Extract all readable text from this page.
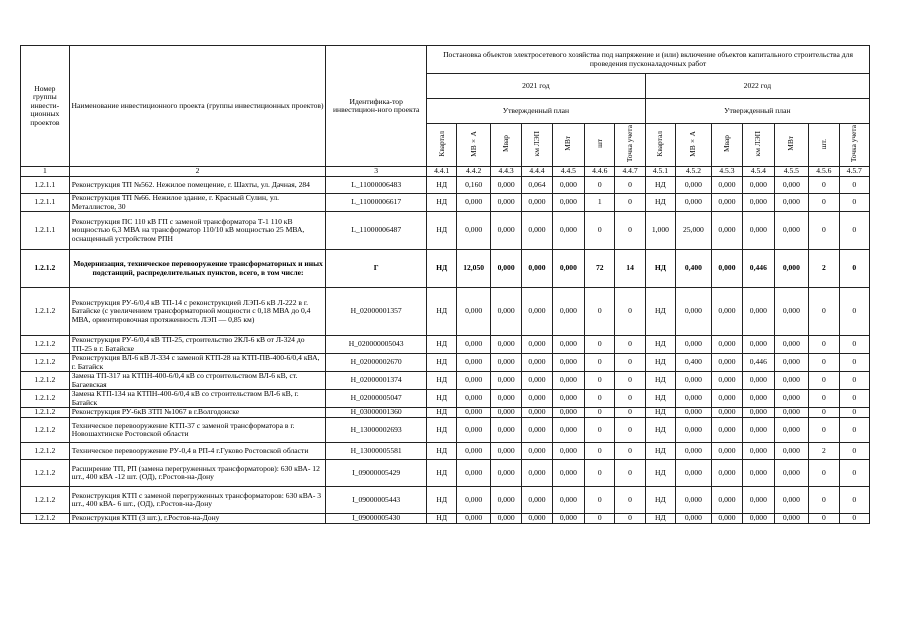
Номер группы инвести-ционных проектов	Наименование инвестиционного проекта (группы инвестиционных проектов)	Идентифика-тор инвестицион-ного проекта	Постановка объектов электросетевого хозяйства под напряжение и (или) включение объектов капитального строительства для проведения пусконаладочных работ													
			2021 год							2022 год						
			Утвержденный план							Утвержденный план						
			Квартал	МВ×А	Мвар	км ЛЭП	МВт	шт	Точка учета	Квартал	МВ×А	Мвар	км ЛЭП	МВт	шт.	Точка учета
1	2	3	4.4.1	4.4.2	4.4.3	4.4.4	4.4.5	4.4.6	4.4.7	4.5.1	4.5.2	4.5.3	4.5.4	4.5.5	4.5.6	4.5.7
1.2.1.1	Реконструкция ТП №562. Нежилое помещение, г. Шахты, ул. Дачная, 284	L_11000006483	НД	0,160	0,000	0,064	0,000	0	0	НД	0,000	0,000	0,000	0,000	0	0
1.2.1.1	Реконструкция ТП №66. Нежилое здание, г. Красный Сулин, ул. Металлистов, 30	L_11000006617	НД	0,000	0,000	0,000	0,000	1	0	НД	0,000	0,000	0,000	0,000	0	0
1.2.1.1	Реконструкция ПС 110 кВ ГП с заменой трансформатора Т-1 110 кВ мощностью 6,3 МВА на трансформатор 110/10 кВ мощностью 25 МВА, оснащенный устройством РПН	L_11000006487	НД	0,000	0,000	0,000	0,000	0	0	1,000	25,000	0,000	0,000	0,000	0	0
1.2.1.2	Модернизация, техническое перевооружение трансформаторных и иных подстанций, распределительных пунктов, всего, в том числе:	Г	НД	12,050	0,000	0,000	0,000	72	14	НД	0,400	0,000	0,446	0,000	2	0
1.2.1.2	Реконструкция РУ-6/0,4 кВ ТП-14 с реконструкцией ЛЭП-6 кВ Л-222 в г. Батайске (с увеличением трансформаторной мощности с 0,18 МВА до 0,4 МВА, ориентировочная протяженность ЛЭП — 0,85 км)	H_02000001357	НД	0,000	0,000	0,000	0,000	0	0	НД	0,000	0,000	0,000	0,000	0	0
1.2.1.2	Реконструкция РУ-6/0,4 кВ ТП-25, строительство 2КЛ-6 кВ от Л-324 до ТП-25 в г. Батайске	H_020000005043	НД	0,000	0,000	0,000	0,000	0	0	НД	0,000	0,000	0,000	0,000	0	0
1.2.1.2	Реконструкция ВЛ-6 кВ Л-334 с заменой КТП-28 на КТП-ПВ-400-6/0,4 кВА, г. Батайск	H_02000002670	НД	0,000	0,000	0,000	0,000	0	0	НД	0,400	0,000	0,446	0,000	0	0
1.2.1.2	Замена ТП-317 на КТПН-400-6/0,4 кВ со строительством ВЛ-6 кВ, ст. Багаевская	H_02000001374	НД	0,000	0,000	0,000	0,000	0	0	НД	0,000	0,000	0,000	0,000	0	0
1.2.1.2	Замена КТП-134 на КТПН-400-6/0,4 кВ со строительством ВЛ-6 кВ, г. Батайск	H_02000005047	НД	0,000	0,000	0,000	0,000	0	0	НД	0,000	0,000	0,000	0,000	0	0
1.2.1.2	Реконструкция РУ-6кВ ЗТП №1067 в г.Волгодонске	H_03000001360	НД	0,000	0,000	0,000	0,000	0	0	НД	0,000	0,000	0,000	0,000	0	0
1.2.1.2	Техническое перевооружение КТП-37 с заменой трансформатора в г. Новошахтинске Ростовской области	H_13000002693	НД	0,000	0,000	0,000	0,000	0	0	НД	0,000	0,000	0,000	0,000	0	0
1.2.1.2	Техническое перевооружение РУ-0,4 в РП-4 г.Гуково Ростовской области	H_13000005581	НД	0,000	0,000	0,000	0,000	0	0	НД	0,000	0,000	0,000	0,000	2	0
1.2.1.2	Расширение ТП, РП (замена перегруженных трансформаторов): 630 кВА- 12 шт., 400 кВА -12 шт. (ОД), г.Ростов-на-Дону	I_09000005429	НД	0,000	0,000	0,000	0,000	0	0	НД	0,000	0,000	0,000	0,000	0	0
1.2.1.2	Реконструкция КТП с заменой перегруженных трансформаторов: 630 кВА- 3 шт., 400 кВА- 6 шт., (ОД), г.Ростов-на-Дону	I_09000005443	НД	0,000	0,000	0,000	0,000	0	0	НД	0,000	0,000	0,000	0,000	0	0
1.2.1.2	Реконструкция КТП (3 шт.), г.Ростов-на-Дону	I_09000005430	НД	0,000	0,000	0,000	0,000	0	0	НД	0,000	0,000	0,000	0,000	0	0
